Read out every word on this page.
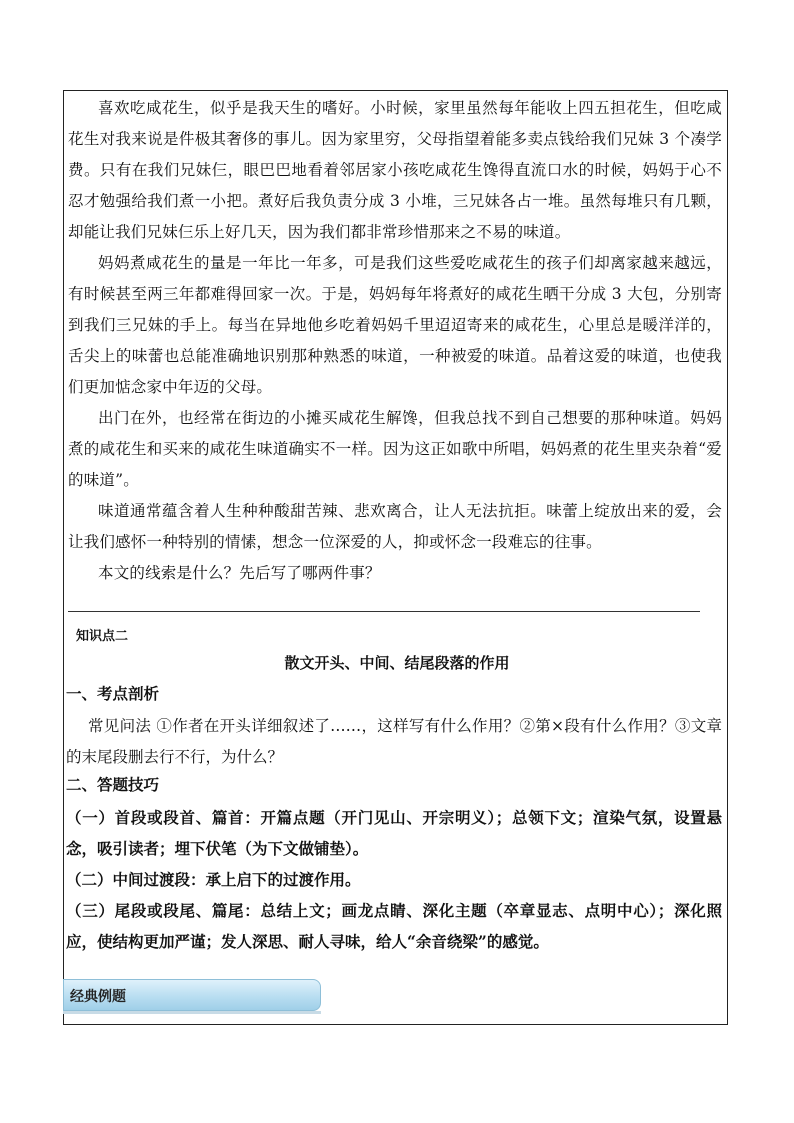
喜欢吃咸花生，似乎是我天生的嗜好。小时候，家里虽然每年能收上四五担花生，但吃咸花生对我来说是件极其奢侈的事儿。因为家里穷，父母指望着能多卖点钱给我们兄妹 3 个凑学费。只有在我们兄妹仨，眼巴巴地看着邻居家小孩吃咸花生馋得直流口水的时候，妈妈于心不忍才勉强给我们煮一小把。煮好后我负责分成 3 小堆，三兄妹各占一堆。虽然每堆只有几颗，却能让我们兄妹仨乐上好几天，因为我们都非常珍惜那来之不易的味道。

妈妈煮咸花生的量是一年比一年多，可是我们这些爱吃咸花生的孩子们却离家越来越远，有时候甚至两三年都难得回家一次。于是，妈妈每年将煮好的咸花生晒干分成 3 大包，分别寄到我们三兄妹的手上。每当在异地他乡吃着妈妈千里迢迢寄来的咸花生，心里总是暖洋洋的，舌尖上的味蕾也总能准确地识别那种熟悉的味道，一种被爱的味道。品着这爱的味道，也使我们更加惦念家中年迈的父母。

出门在外，也经常在街边的小摊买咸花生解馋，但我总找不到自己想要的那种味道。妈妈煮的咸花生和买来的咸花生味道确实不一样。因为这正如歌中所唱，妈妈煮的花生里夹杂着“爱的味道”。

味道通常蕴含着人生种种酸甜苦辣、悲欢离合，让人无法抗拒。味蕾上绽放出来的爱，会让我们感怀一种特别的情愫，想念一位深爱的人，抑或怀念一段难忘的往事。

本文的线索是什么？先后写了哪两件事？

知识点二
散文开头、中间、结尾段落的作用
一、考点剖析

常见问法 ①作者在开头详细叙述了……，这样写有什么作用？②第×段有什么作用？③文章的末尾段删去行不行，为什么？

二、答题技巧

（一）首段或段首、篇首：开篇点题（开门见山、开宗明义）；总领下文；渲染气氛，设置悬念，吸引读者；埋下伏笔（为下文做铺垫）。

（二）中间过渡段：承上启下的过渡作用。

（三）尾段或段尾、篇尾：总结上文；画龙点睛、深化主题（卒章显志、点明中心）；深化照应，使结构更加严谨；发人深思、耐人寻味，给人“余音绕梁”的感觉。

经典例题
